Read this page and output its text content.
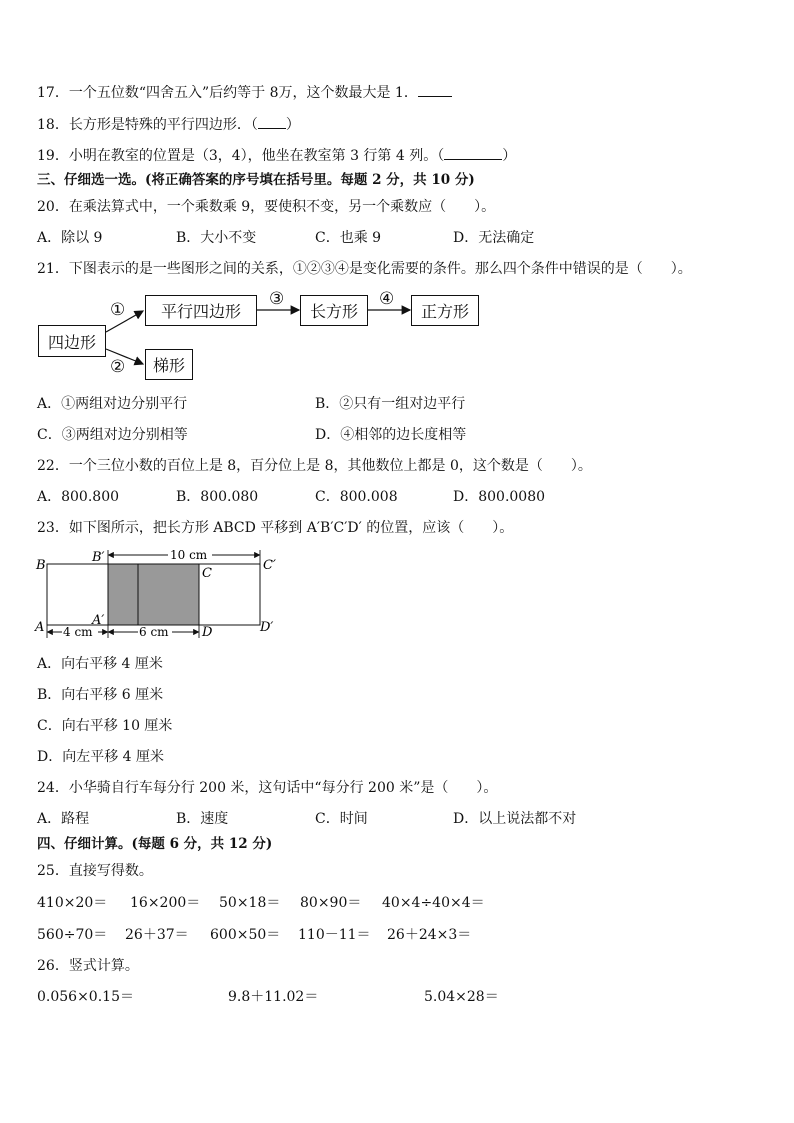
17．一个五位数“四舍五入”后约等于 8万，这个数最大是 1．
18．长方形是特殊的平行四边形．（ ）
19．小明在教室的位置是（3，4），他坐在教室第 3 行第 4 列。（	）
三、仔细选一选。(将正确答案的序号填在括号里。每题 2 分，共 10 分)
20．在乘法算式中，一个乘数乘 9，要使积不变，另一个乘数应（　　）。
A．除以 9	B．大小不变	C．也乘 9	D．无法确定
21．下图表示的是一些图形之间的关系，①②③④是变化需要的条件。那么四个条件中错误的是（　　）。
四边形
平行四边形	长方形	正方形
梯形
①
②
③	④
A．①两组对边分别平行	B．②只有一组对边平行
C．③两组对边分别相等	D．④相邻的边长度相等
22．一个三位小数的百位上是 8，百分位上是 8，其他数位上都是 0，这个数是（　　）。
A．800.800	B．800.080	C．800.008	D．800.0080
23．如下图所示，把长方形 ABCD 平移到 A′B′C′D′ 的位置，应该（　　）。
10 cm
4 cm	6 cm
B
B′
C
C′
A	A′
D	D′
A．向右平移 4 厘米
B．向右平移 6 厘米
C．向右平移 10 厘米
D．向左平移 4 厘米
24．小华骑自行车每分行 200 米，这句话中“每分行 200 米”是（　　）。
A．路程	B．速度	C．时间	D．以上说法都不对
四、仔细计算。(每题 6 分，共 12 分)
25．直接写得数。
410×20＝ 16×200＝ 50×18＝ 80×90＝ 40×4÷40×4＝
560÷70＝ 26＋37＝ 600×50＝ 110－11＝ 26＋24×3＝
26．竖式计算。
0.056×0.15＝	9.8＋11.02＝	5.04×28＝
